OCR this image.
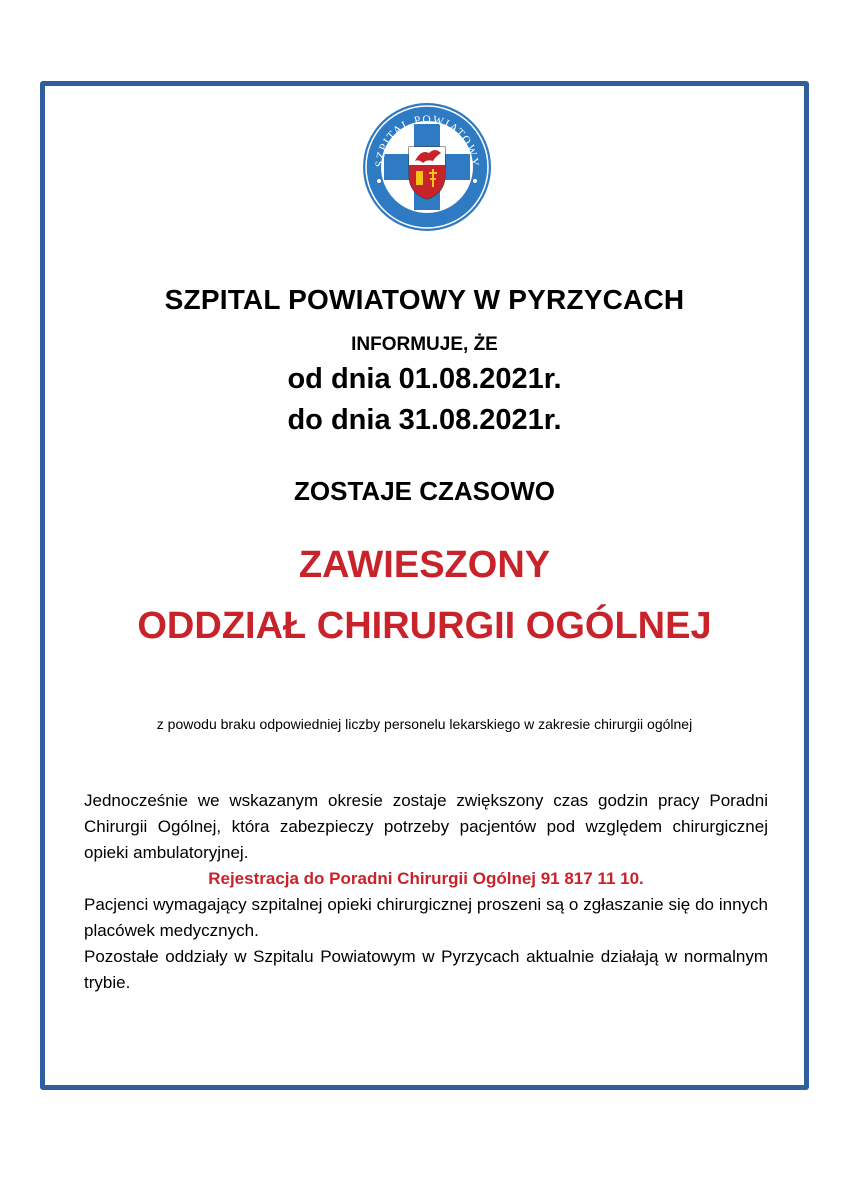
SZPITAL POWIATOWY
SZPITAL POWIATOWY W PYRZYCACH
INFORMUJE, ŻE
od dnia 01.08.2021r.
do dnia 31.08.2021r.
ZOSTAJE CZASOWO
ZAWIESZONY
ODDZIAŁ CHIRURGII OGÓLNEJ
z powodu braku odpowiedniej liczby personelu lekarskiego w zakresie chirurgii ogólnej

Jednocześnie we wskazanym okresie zostaje zwiększony czas godzin pracy Poradni Chirurgii Ogólnej, która zabezpieczy potrzeby pacjentów pod względem chirurgicznej opieki ambulatoryjnej.

Rejestracja do Poradni Chirurgii Ogólnej 91 817 11 10.

Pacjenci wymagający szpitalnej opieki chirurgicznej proszeni są o zgłaszanie się do innych placówek medycznych.

Pozostałe oddziały w Szpitalu Powiatowym w Pyrzycach aktualnie działają w normalnym trybie.
